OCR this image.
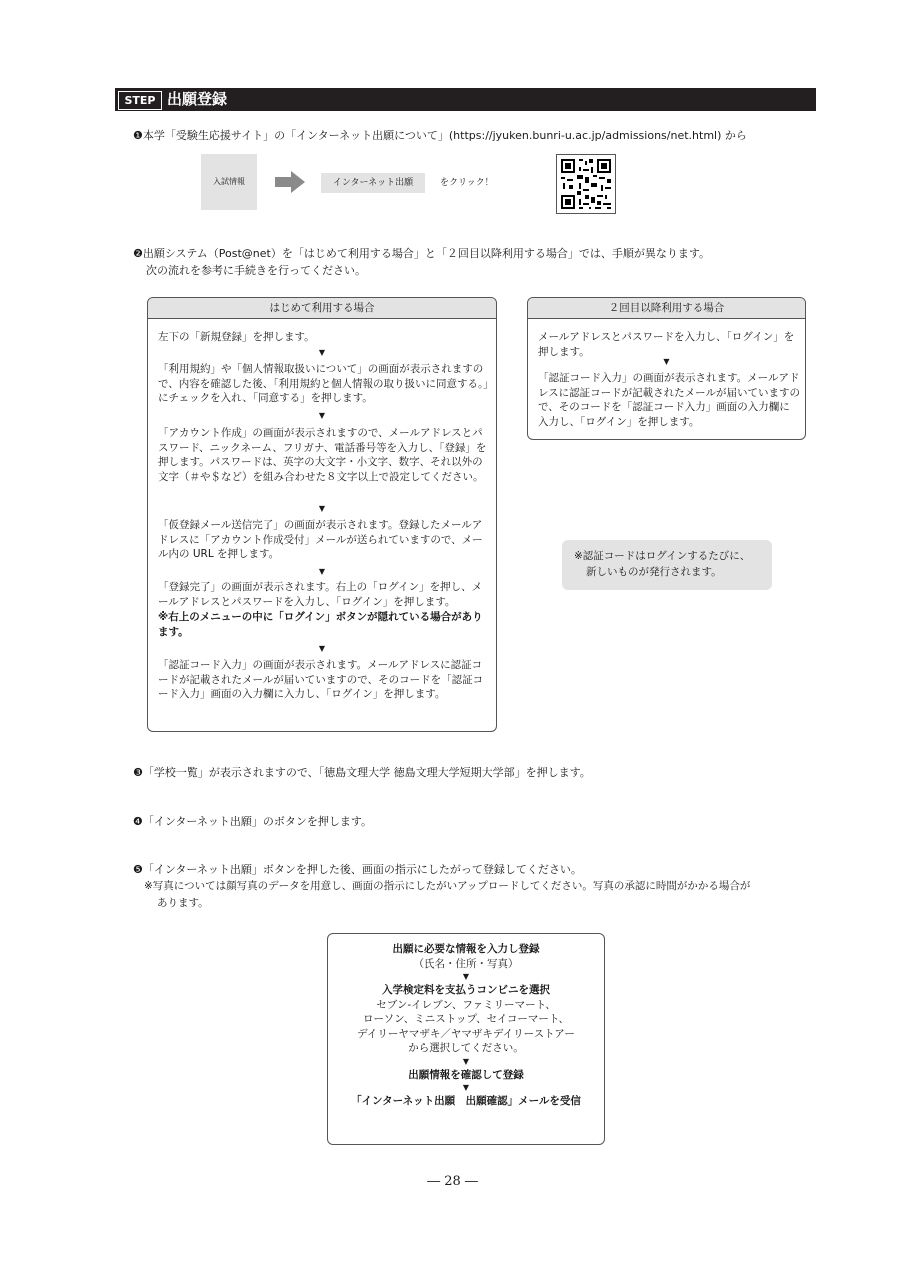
STEP 2
出願登録
❶本学「受験生応援サイト」の「インターネット出願について」(https://jyuken.bunri-u.ac.jp/admissions/net.html) から
入試情報	インターネット出願	をクリック！
❷出願システム（Post@net）を「はじめて利用する場合」と「２回目以降利用する場合」では、手順が異なります。
次の流れを参考に手続きを行ってください。
はじめて利用する場合
左下の「新規登録」を押します。
▼
「利用規約」や「個人情報取扱いについて」の画面が表示されますので、内容を確認した後、「利用規約と個人情報の取り扱いに同意する。」にチェックを入れ、「同意する」を押します。
▼
「アカウント作成」の画面が表示されますので、メールアドレスとパスワード、ニックネーム、フリガナ、電話番号等を入力し、「登録」を押します。パスワードは、英字の大文字・小文字、数字、それ以外の文字（＃や＄など）を組み合わせた８文字以上で設定してください。
▼
「仮登録メール送信完了」の画面が表示されます。登録したメールアドレスに「アカウント作成受付」メールが送られていますので、メール内の URL を押します。
▼
「登録完了」の画面が表示されます。右上の「ログイン」を押し、メールアドレスとパスワードを入力し、「ログイン」を押します。
※右上のメニューの中に「ログイン」ボタンが隠れている場合があります。
▼
「認証コード入力」の画面が表示されます。メールアドレスに認証コードが記載されたメールが届いていますので、そのコードを「認証コード入力」画面の入力欄に入力し、「ログイン」を押します。
２回目以降利用する場合
メールアドレスとパスワードを入力し、「ログイン」を押します。
▼
「認証コード入力」の画面が表示されます。メールアドレスに認証コードが記載されたメールが届いていますので、そのコードを「認証コード入力」画面の入力欄に入力し、「ログイン」を押します。
※認証コードはログインするたびに、
新しいものが発行されます。
❸「学校一覧」が表示されますので、「徳島文理大学 徳島文理大学短期大学部」を押します。
❹「インターネット出願」のボタンを押します。
❺「インターネット出願」ボタンを押した後、画面の指示にしたがって登録してください。
※写真については顔写真のデータを用意し、画面の指示にしたがいアップロードしてください。写真の承認に時間がかかる場合が
あります。
出願に必要な情報を入力し登録
（氏名・住所・写真）
▼
入学検定料を支払うコンビニを選択
セブン-イレブン、ファミリーマート、
ローソン、ミニストップ、セイコーマート、
デイリーヤマザキ／ヤマザキデイリーストアー
から選択してください。
▼
出願情報を確認して登録
▼
「インターネット出願　出願確認」メールを受信
― 28 ―
